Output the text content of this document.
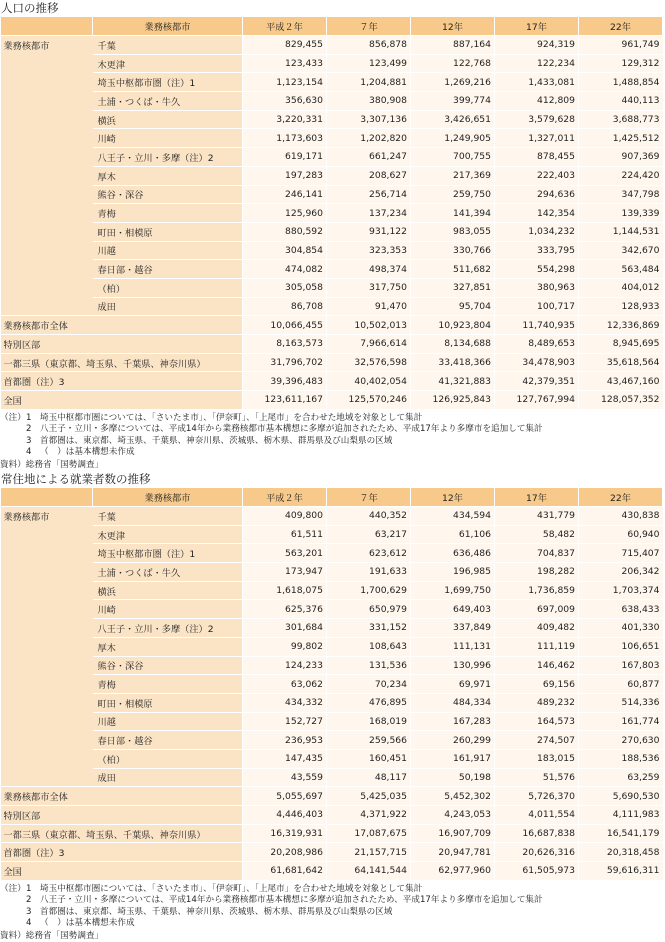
人口の推移
	業務核都市	平成２年	７年	12年	17年	22年
業務核都市	千葉	829,455	856,878	887,164	924,319	961,749
	木更津	123,433	123,499	122,768	122,234	129,312
	埼玉中枢都市圏（注）1	1,123,154	1,204,881	1,269,216	1,433,081	1,488,854
	土浦・つくば・牛久	356,630	380,908	399,774	412,809	440,113
	横浜	3,220,331	3,307,136	3,426,651	3,579,628	3,688,773
	川崎	1,173,603	1,202,820	1,249,905	1,327,011	1,425,512
	八王子・立川・多摩（注）2	619,171	661,247	700,755	878,455	907,369
	厚木	197,283	208,627	217,369	222,403	224,420
	熊谷・深谷	246,141	256,714	259,750	294,636	347,798
	青梅	125,960	137,234	141,394	142,354	139,339
	町田・相模原	880,592	931,122	983,055	1,034,232	1,144,531
	川越	304,854	323,353	330,766	333,795	342,670
	春日部・越谷	474,082	498,374	511,682	554,298	563,484
	（柏）	305,058	317,750	327,851	380,963	404,012
	成田	86,708	91,470	95,704	100,717	128,933
業務核都市全体		10,066,455	10,502,013	10,923,804	11,740,935	12,336,869
特別区部		8,163,573	7,966,614	8,134,688	8,489,653	8,945,695
一都三県（東京都、埼玉県、千葉県、神奈川県）		31,796,702	32,576,598	33,418,366	34,478,903	35,618,564
首都圏（注）3		39,396,483	40,402,054	41,321,883	42,379,351	43,467,160
全国		123,611,167	125,570,246	126,925,843	127,767,994	128,057,352
（注） 1 埼玉中枢都市圏については、「さいたま市」、「伊奈町」、「上尾市」を合わせた地域を対象として集計
2 八王子・立川・多摩については、平成14年から業務核都市基本構想に多摩が追加されたため、平成17年より多摩市を追加して集計
3 首都圏は、東京都、埼玉県、千葉県、神奈川県、茨城県、栃木県、群馬県及び山梨県の区域
4 （　）は基本構想未作成
資料）総務省「国勢調査」
常住地による就業者数の推移
	業務核都市	平成２年	７年	12年	17年	22年
業務核都市	千葉	409,800	440,352	434,594	431,779	430,838
	木更津	61,511	63,217	61,106	58,482	60,940
	埼玉中枢都市圏（注）1	563,201	623,612	636,486	704,837	715,407
	土浦・つくば・牛久	173,947	191,633	196,985	198,282	206,342
	横浜	1,618,075	1,700,629	1,699,750	1,736,859	1,703,374
	川崎	625,376	650,979	649,403	697,009	638,433
	八王子・立川・多摩（注）2	301,684	331,152	337,849	409,482	401,330
	厚木	99,802	108,643	111,131	111,119	106,651
	熊谷・深谷	124,233	131,536	130,996	146,462	167,803
	青梅	63,062	70,234	69,971	69,156	60,877
	町田・相模原	434,332	476,895	484,334	489,232	514,336
	川越	152,727	168,019	167,283	164,573	161,774
	春日部・越谷	236,953	259,566	260,299	274,507	270,630
	（柏）	147,435	160,451	161,917	183,015	188,536
	成田	43,559	48,117	50,198	51,576	63,259
業務核都市全体		5,055,697	5,425,035	5,452,302	5,726,370	5,690,530
特別区部		4,446,403	4,371,922	4,243,053	4,011,554	4,111,983
一都三県（東京都、埼玉県、千葉県、神奈川県）		16,319,931	17,087,675	16,907,709	16,687,838	16,541,179
首都圏（注）3		20,208,986	21,157,715	20,947,781	20,626,316	20,318,458
全国		61,681,642	64,141,544	62,977,960	61,505,973	59,616,311
（注） 1 埼玉中枢都市圏については、「さいたま市」、「伊奈町」、「上尾市」を合わせた地域を対象として集計
2 八王子・立川・多摩については、平成14年から業務核都市基本構想に多摩が追加されたため、平成17年より多摩市を追加して集計
3 首都圏は、東京都、埼玉県、千葉県、神奈川県、茨城県、栃木県、群馬県及び山梨県の区域
4 （　）は基本構想未作成
資料）総務省「国勢調査」
